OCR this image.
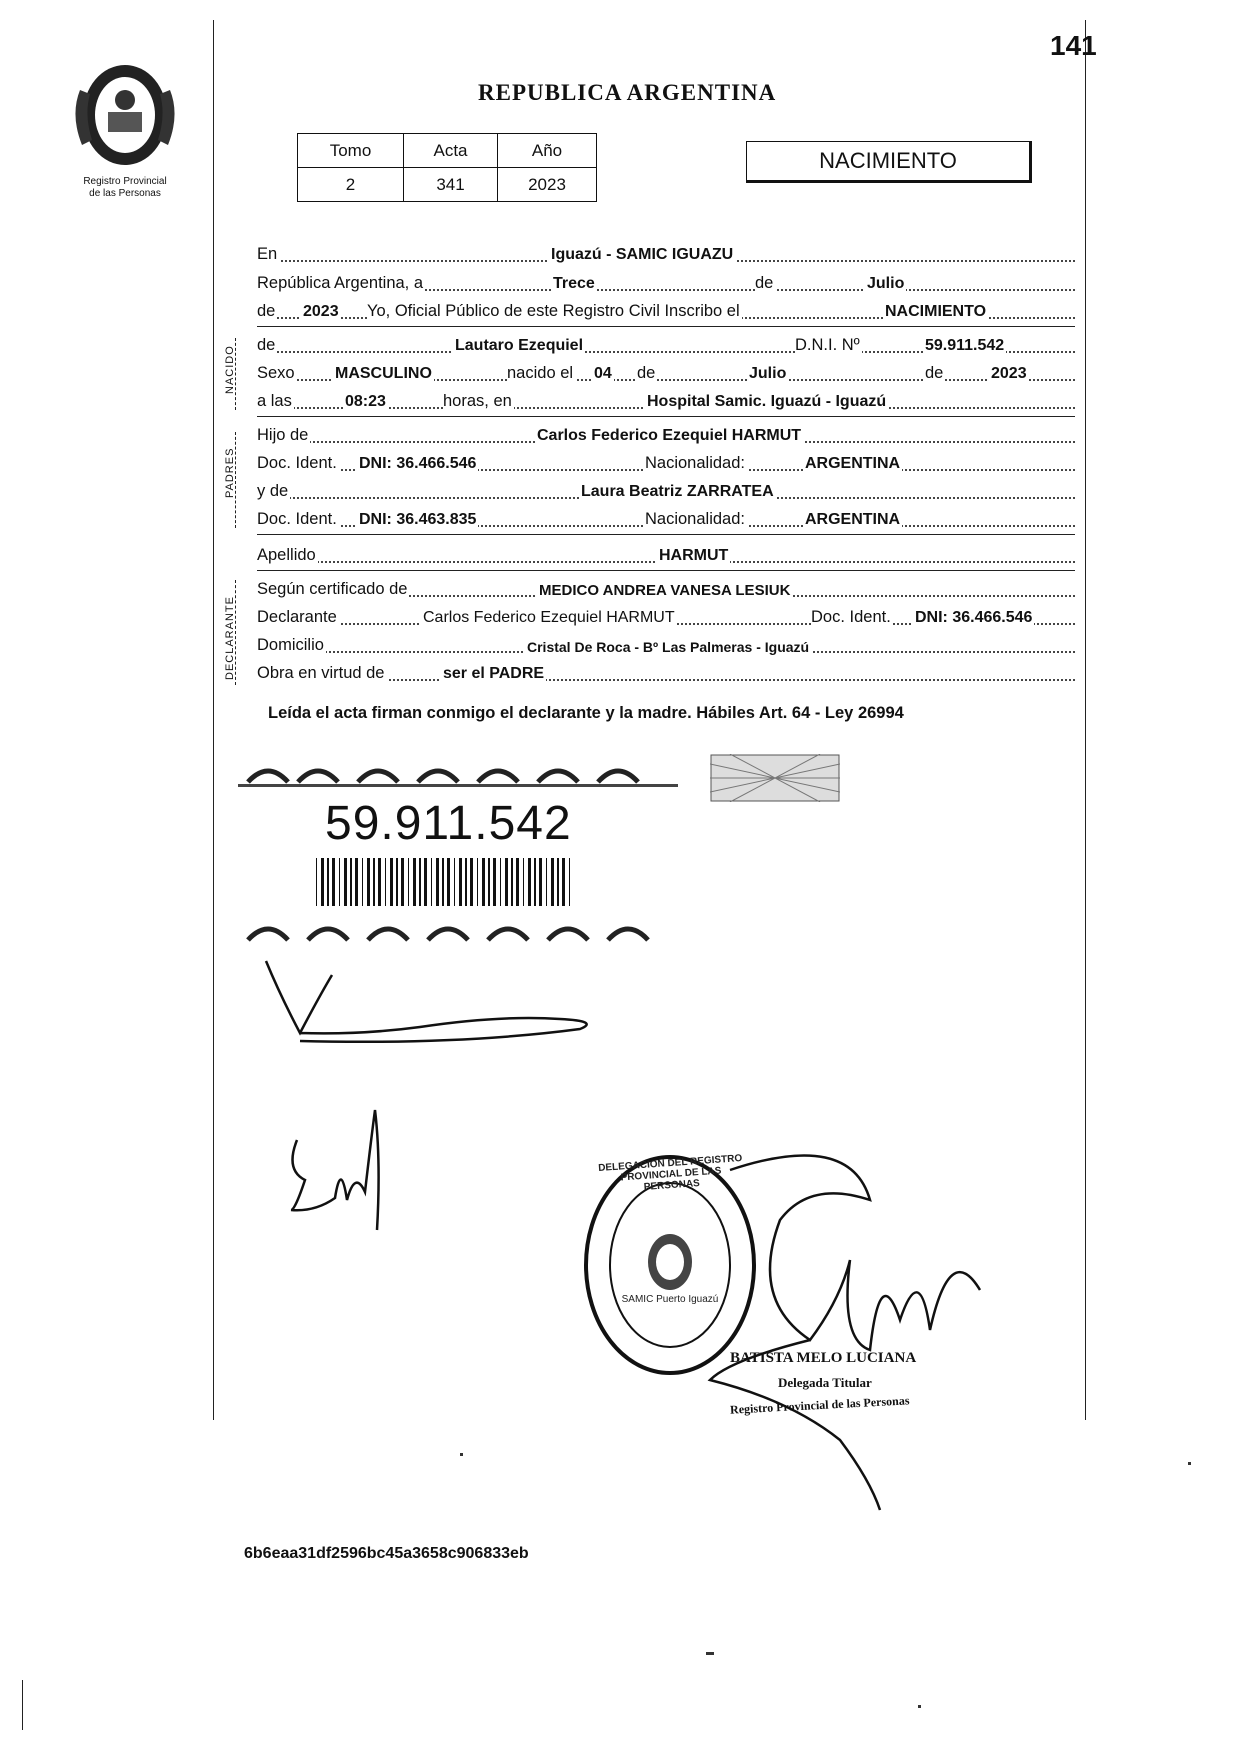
141
Registro Provincial
de las Personas
REPUBLICA ARGENTINA
Tomo	Acta	Año
2	341	2023
NACIMIENTO
NACIDO
PADRES
DECLARANTE
En	Iguazú - SAMIC IGUAZU
República Argentina, a	Trece	de	Julio
de 2023 Yo, Oficial Público de este Registro Civil Inscribo el	NACIMIENTO
de	Lautaro Ezequiel	D.N.I. Nº	59.911.542
Sexo	MASCULINO	nacido el 04 de	Julio	de	2023
a las	08:23	horas, en	Hospital Samic. Iguazú - Iguazú
Hijo de	Carlos Federico Ezequiel HARMUT
Doc. Ident. DNI: 36.466.546	Nacionalidad:	ARGENTINA
y de	Laura Beatriz ZARRATEA
Doc. Ident. DNI: 36.463.835	Nacionalidad:	ARGENTINA
Apellido	HARMUT
Según certificado de	MEDICO ANDREA VANESA LESIUK
Declarante	Carlos Federico Ezequiel HARMUT	Doc. Ident. DNI: 36.466.546
Domicilio	Cristal De Roca - Bº Las Palmeras - Iguazú
Obra en virtud de	ser el PADRE
Leída el acta firman conmigo el declarante y la madre. Hábiles Art. 64 - Ley 26994
59.911.542
DELEGACION DEL REGISTRO PROVINCIAL DE LAS PERSONAS
SAMIC Puerto Iguazú
BATISTA MELO LUCIANA
Delegada Titular
Registro Provincial de las Personas
6b6eaa31df2596bc45a3658c906833eb
